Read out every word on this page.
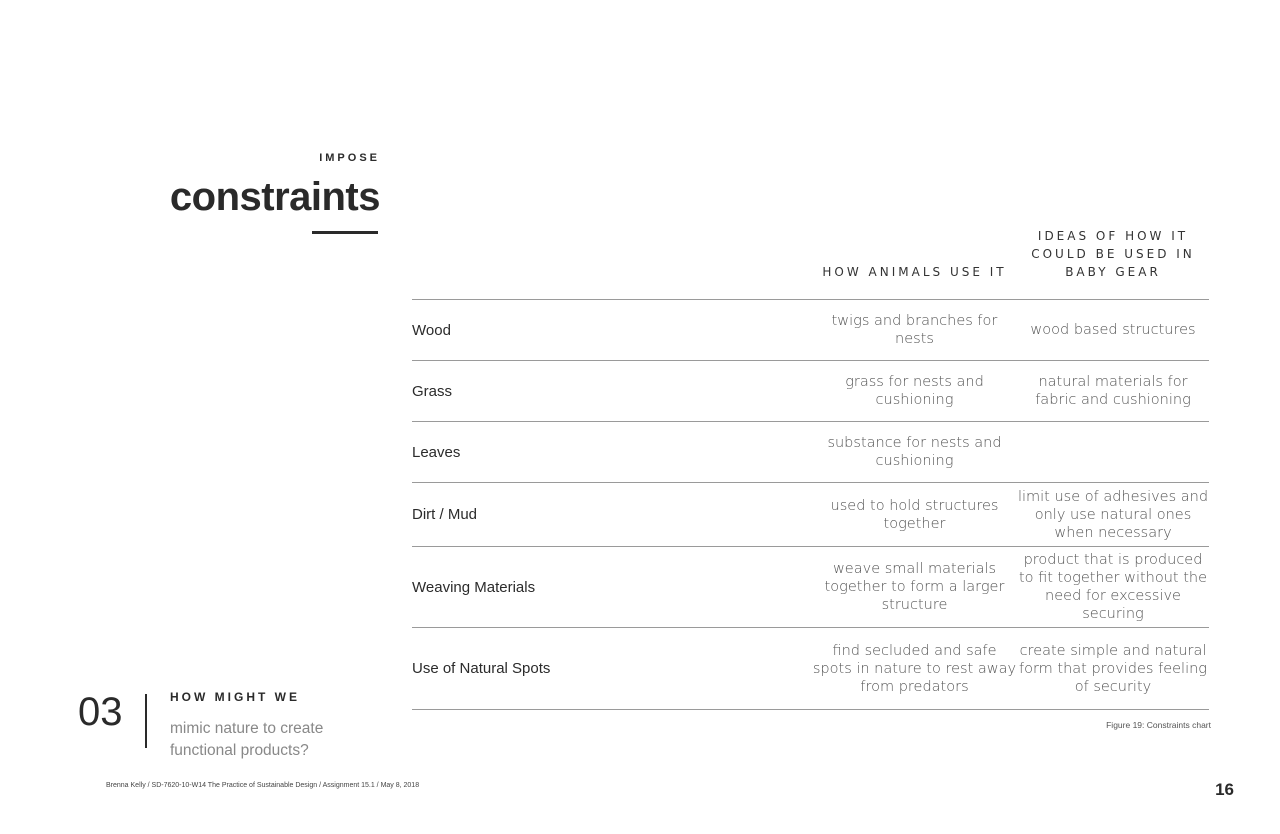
IMPOSE
constraints
HOW ANIMALS USE IT
IDEAS OF HOW IT COULD BE USED IN BABY GEAR
Wood
twigs and branches for nests
wood based structures
Grass
grass for nests and cushioning
natural materials for fabric and cushioning
Leaves
substance for nests and cushioning
Dirt / Mud
used to hold structures together
limit use of adhesives and only use natural ones when necessary
Weaving Materials
weave small materials together to form a larger structure
product that is produced to fit together without the need for excessive securing
Use of Natural Spots
find secluded and safe spots in nature to rest away from predators
create simple and natural form that provides feeling of security
Figure 19: Constraints chart
03	HOW MIGHT WE
mimic nature to create functional products?
Brenna Kelly / SD-7620-10-W14 The Practice of Sustainable Design / Assignment 15.1 / May 8, 2018	16
